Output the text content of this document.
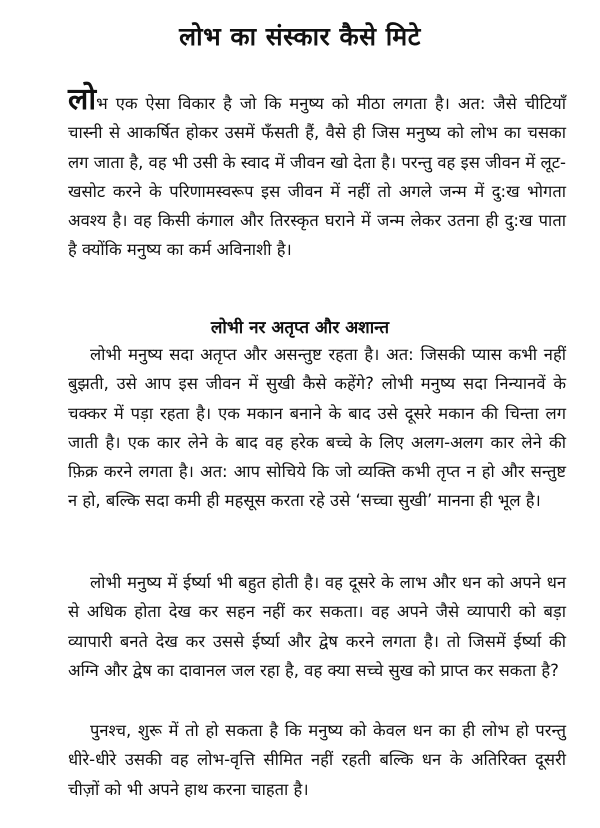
लोभ का संस्कार कैसे मिटे

लोभ एक ऐसा विकार है जो कि मनुष्य को मीठा लगता है। अत: जैसे चीटियाँ चास्नी से आकर्षित होकर उसमें फँसती हैं, वैसे ही जिस मनुष्य को लोभ का चसका लग जाता है, वह भी उसी के स्वाद में जीवन खो देता है। परन्तु वह इस जीवन में लूट-खसोट करने के परिणामस्वरूप इस जीवन में नहीं तो अगले जन्म में दु:ख भोगता अवश्य है। वह किसी कंगाल और तिरस्कृत घराने में जन्म लेकर उतना ही दु:ख पाता है क्योंकि मनुष्य का कर्म अविनाशी है।

लोभी नर अतृप्त और अशान्त

लोभी मनुष्य सदा अतृप्त और असन्तुष्ट रहता है। अत: जिसकी प्यास कभी नहीं बुझती, उसे आप इस जीवन में सुखी कैसे कहेंगे? लोभी मनुष्य सदा निन्यानवें के चक्कर में पड़ा रहता है। एक मकान बनाने के बाद उसे दूसरे मकान की चिन्ता लग जाती है। एक कार लेने के बाद वह हरेक बच्चे के लिए अलग-अलग कार लेने की फ़िक्र करने लगता है। अत: आप सोचिये कि जो व्यक्ति कभी तृप्त न हो और सन्तुष्ट न हो, बल्कि सदा कमी ही महसूस करता रहे उसे ‘सच्चा सुखी’ मानना ही भूल है।

लोभी मनुष्य में ईर्ष्या भी बहुत होती है। वह दूसरे के लाभ और धन को अपने धन से अधिक होता देख कर सहन नहीं कर सकता। वह अपने जैसे व्यापारी को बड़ा व्यापारी बनते देख कर उससे ईर्ष्या और द्वेष करने लगता है। तो जिसमें ईर्ष्या की अग्नि और द्वेष का दावानल जल रहा है, वह क्या सच्चे सुख को प्राप्त कर सकता है?

पुनश्च, शुरू में तो हो सकता है कि मनुष्य को केवल धन का ही लोभ हो परन्तु धीरे-धीरे उसकी वह लोभ-वृत्ति सीमित नहीं रहती बल्कि धन के अतिरिक्त दूसरी चीज़ों को भी अपने हाथ करना चाहता है।
